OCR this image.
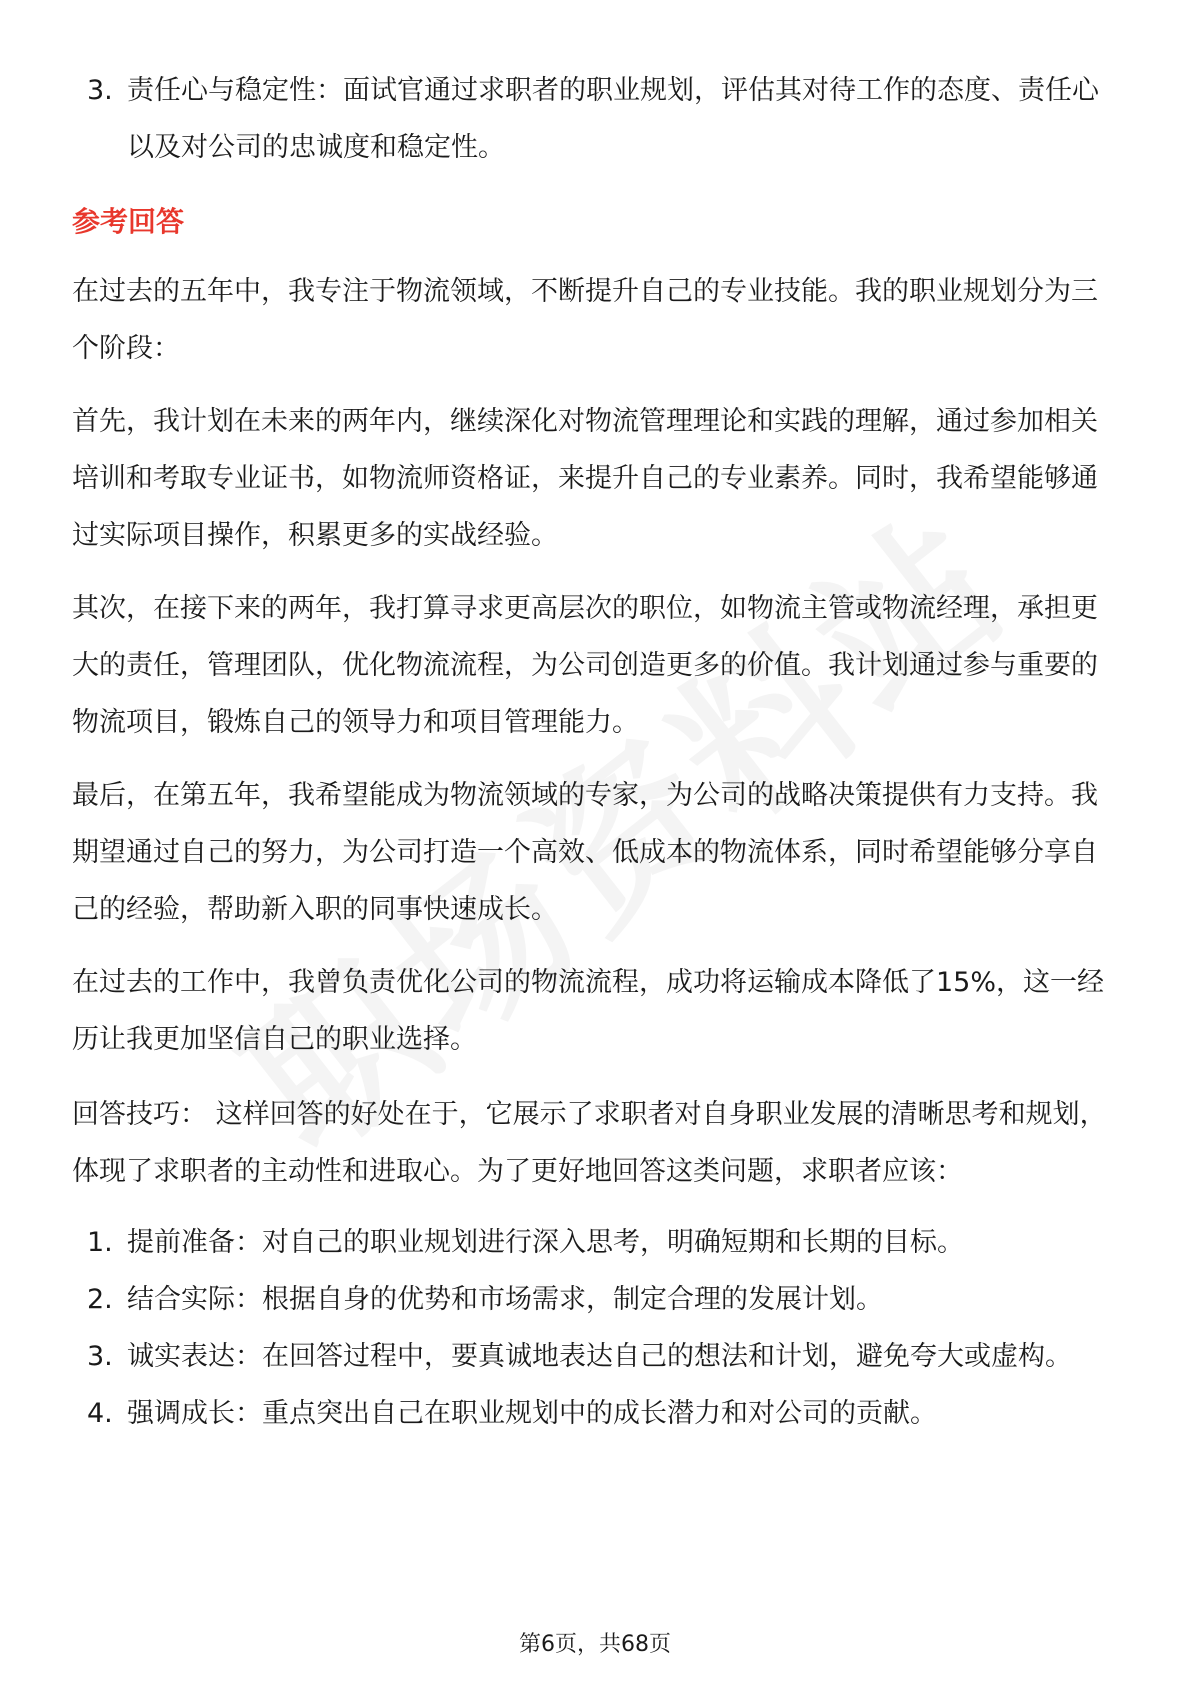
3. 责任心与稳定性：面试官通过求职者的职业规划，评估其对待工作的态度、责任心以及对公司的忠诚度和稳定性。
参考回答

在过去的五年中，我专注于物流领域，不断提升自己的专业技能。我的职业规划分为三个阶段：

首先，我计划在未来的两年内，继续深化对物流管理理论和实践的理解，通过参加相关培训和考取专业证书，如物流师资格证，来提升自己的专业素养。同时，我希望能够通过实际项目操作，积累更多的实战经验。

其次，在接下来的两年，我打算寻求更高层次的职位，如物流主管或物流经理，承担更大的责任，管理团队，优化物流流程，为公司创造更多的价值。我计划通过参与重要的物流项目，锻炼自己的领导力和项目管理能力。

最后，在第五年，我希望能成为物流领域的专家，为公司的战略决策提供有力支持。我期望通过自己的努力，为公司打造一个高效、低成本的物流体系，同时希望能够分享自己的经验，帮助新入职的同事快速成长。

在过去的工作中，我曾负责优化公司的物流流程，成功将运输成本降低了15%，这一经历让我更加坚信自己的职业选择。

回答技巧： 这样回答的好处在于，它展示了求职者对自身职业发展的清晰思考和规划，体现了求职者的主动性和进取心。为了更好地回答这类问题，求职者应该：
1. 提前准备：对自己的职业规划进行深入思考，明确短期和长期的目标。
2. 结合实际：根据自身的优势和市场需求，制定合理的发展计划。
3. 诚实表达：在回答过程中，要真诚地表达自己的想法和计划，避免夸大或虚构。
4. 强调成长：重点突出自己在职业规划中的成长潜力和对公司的贡献。
第6页，共68页
